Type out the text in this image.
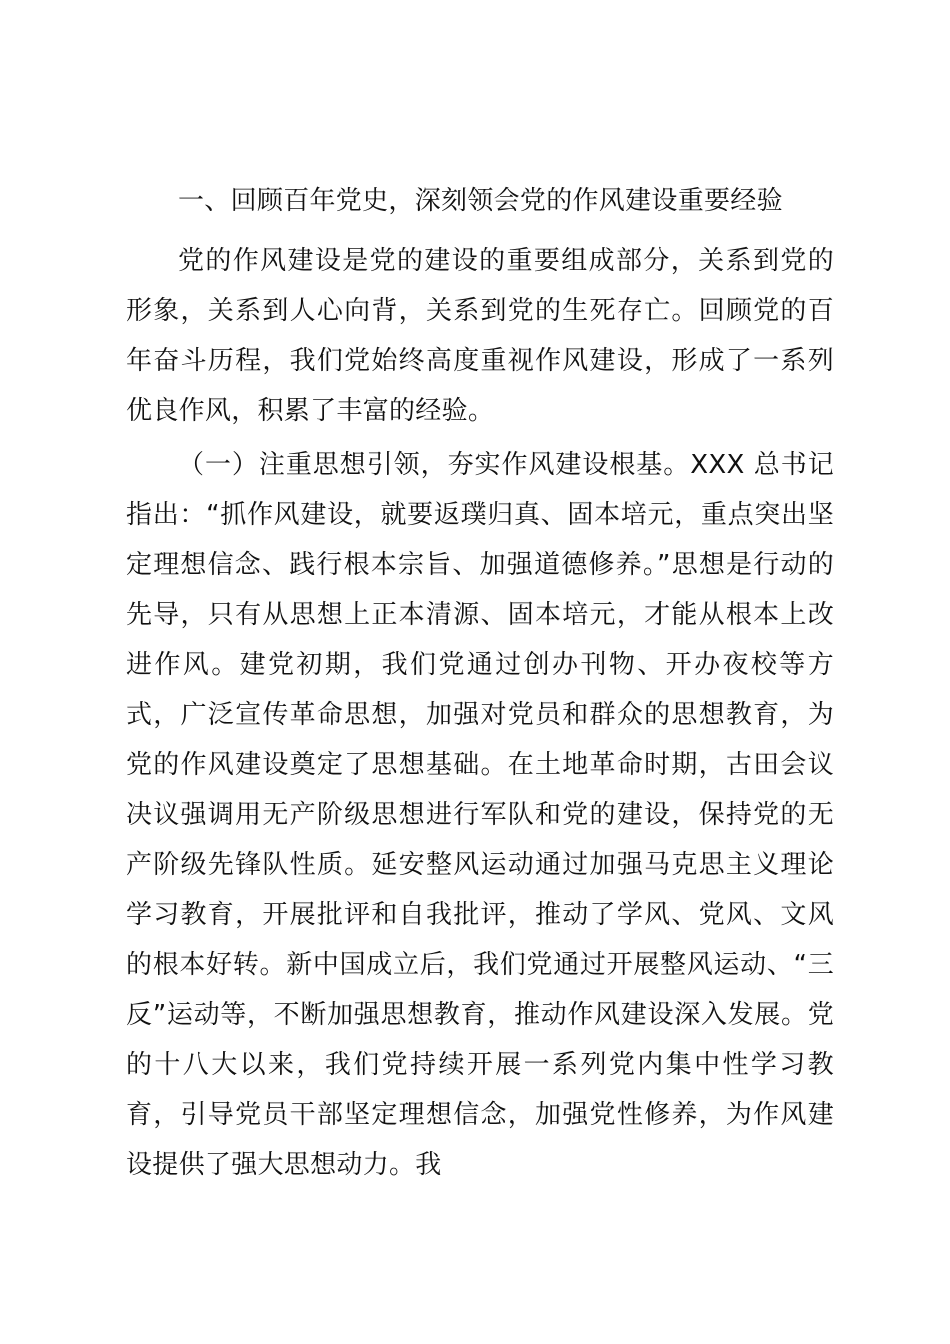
一、回顾百年党史，深刻领会党的作风建设重要经验

党的作风建设是党的建设的重要组成部分，关系到党的形象，关系到人心向背，关系到党的生死存亡。回顾党的百年奋斗历程，我们党始终高度重视作风建设，形成了一系列优良作风，积累了丰富的经验。

（一）注重思想引领，夯实作风建设根基。XXX 总书记指出：“抓作风建设，就要返璞归真、固本培元，重点突出坚定理想信念、践行根本宗旨、加强道德修养。”思想是行动的先导，只有从思想上正本清源、固本培元，才能从根本上改进作风。建党初期，我们党通过创办刊物、开办夜校等方式，广泛宣传革命思想，加强对党员和群众的思想教育，为党的作风建设奠定了思想基础。在土地革命时期，古田会议决议强调用无产阶级思想进行军队和党的建设，保持党的无产阶级先锋队性质。延安整风运动通过加强马克思主义理论学习教育，开展批评和自我批评，推动了学风、党风、文风的根本好转。新中国成立后，我们党通过开展整风运动、“三反”运动等，不断加强思想教育，推动作风建设深入发展。党的十八大以来，我们党持续开展一系列党内集中性学习教育，引导党员干部坚定理想信念，加强党性修养，为作风建设提供了强大思想动力。我
